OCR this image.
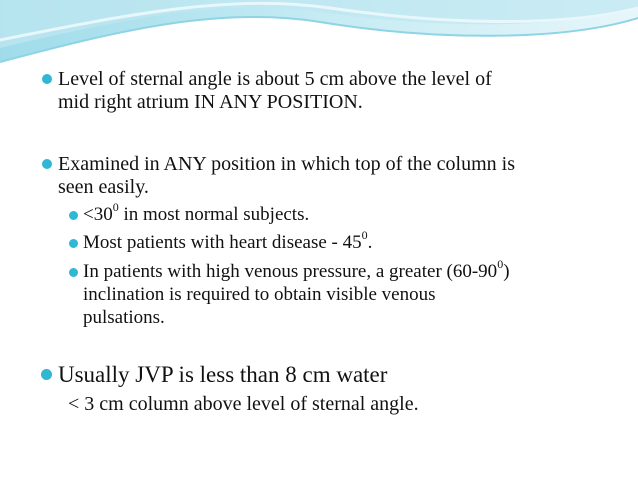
Level of sternal angle is about 5 cm above the level of
mid right atrium IN ANY POSITION.
Examined in ANY position in which top of the column is
seen easily.
$<30^0$ in most normal subjects.
Most patients with heart disease - $45^0$.
In patients with high venous pressure, a greater $(60-90^0)$
inclination is required to obtain visible venous
pulsations.
Usually JVP is less than 8 cm water
< 3 cm column above level of sternal angle.
